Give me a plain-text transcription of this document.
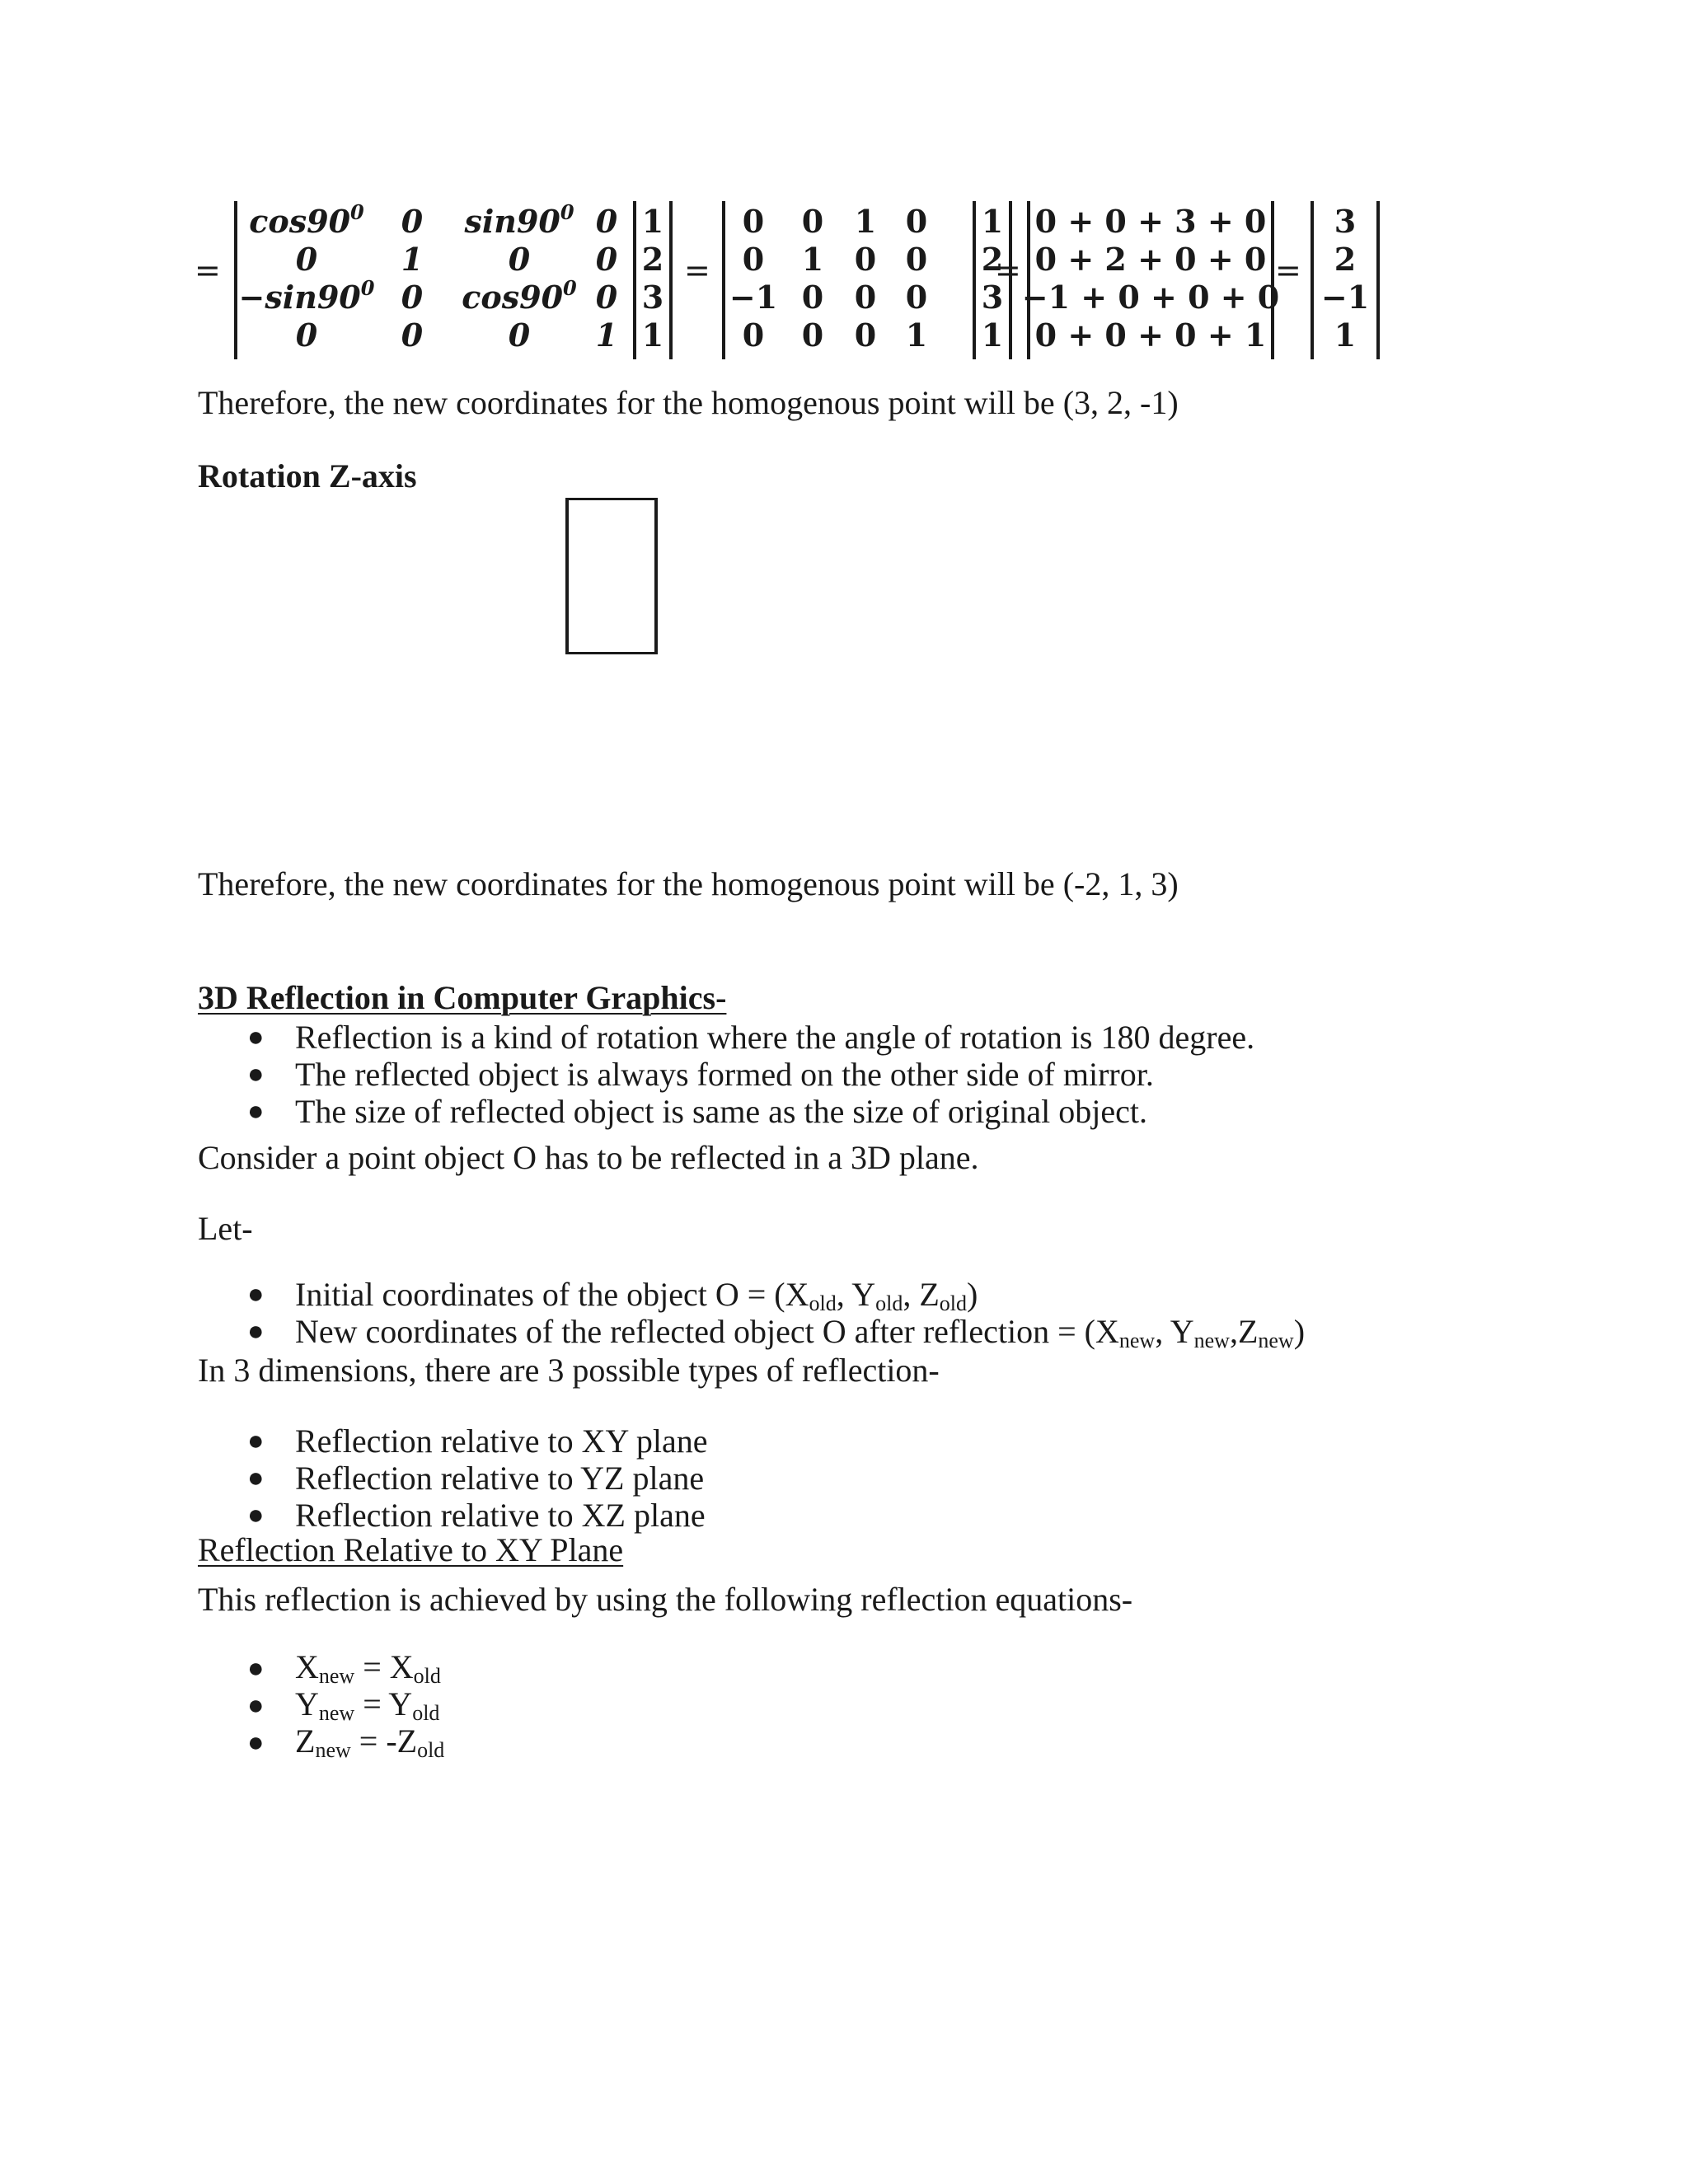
=
$\cos 90^0$ 0 $\sin 90^0$ 0
0	1	0 0
$-\sin 90^0$ 0 $\cos 90^0$ 0
0	0	0 1
1
2
3
1
=
0 0 1 0
0 1 0 0
−1 0 0 0
0 0 0 1
1
2
3
1
=
0 + 0 + 3 + 0
0 + 2 + 0 + 0
−1 + 0 + 0 + 0
0 + 0 + 0 + 1
=
3
2
−1
1
Therefore, the new coordinates for the homogenous point will be (3, 2, -1)
Rotation Z-axis
Therefore, the new coordinates for the homogenous point will be (-2, 1, 3)
3D Reflection in Computer Graphics-
● Reflection is a kind of rotation where the angle of rotation is 180 degree.
● The reflected object is always formed on the other side of mirror.
● The size of reflected object is same as the size of original object.
Consider a point object O has to be reflected in a 3D plane.
Let-
● Initial coordinates of the object $O = (X_{old}$, $Y_{old}$, $Z_{old}$)
● New coordinates of the reflected object O after reflection = ($X_{new}$, $Y_{new},Z_{new}$)
In 3 dimensions, there are 3 possible types of reflection-
● Reflection relative to XY plane
● Reflection relative to YZ plane
● Reflection relative to XZ plane
Reflection Relative to XY Plane
This reflection is achieved by using the following reflection equations-
● $X_{new} = X_{old}$
● $Y_{new} = Y_{old}$
● $Z_{new} = -Z_{old}$
